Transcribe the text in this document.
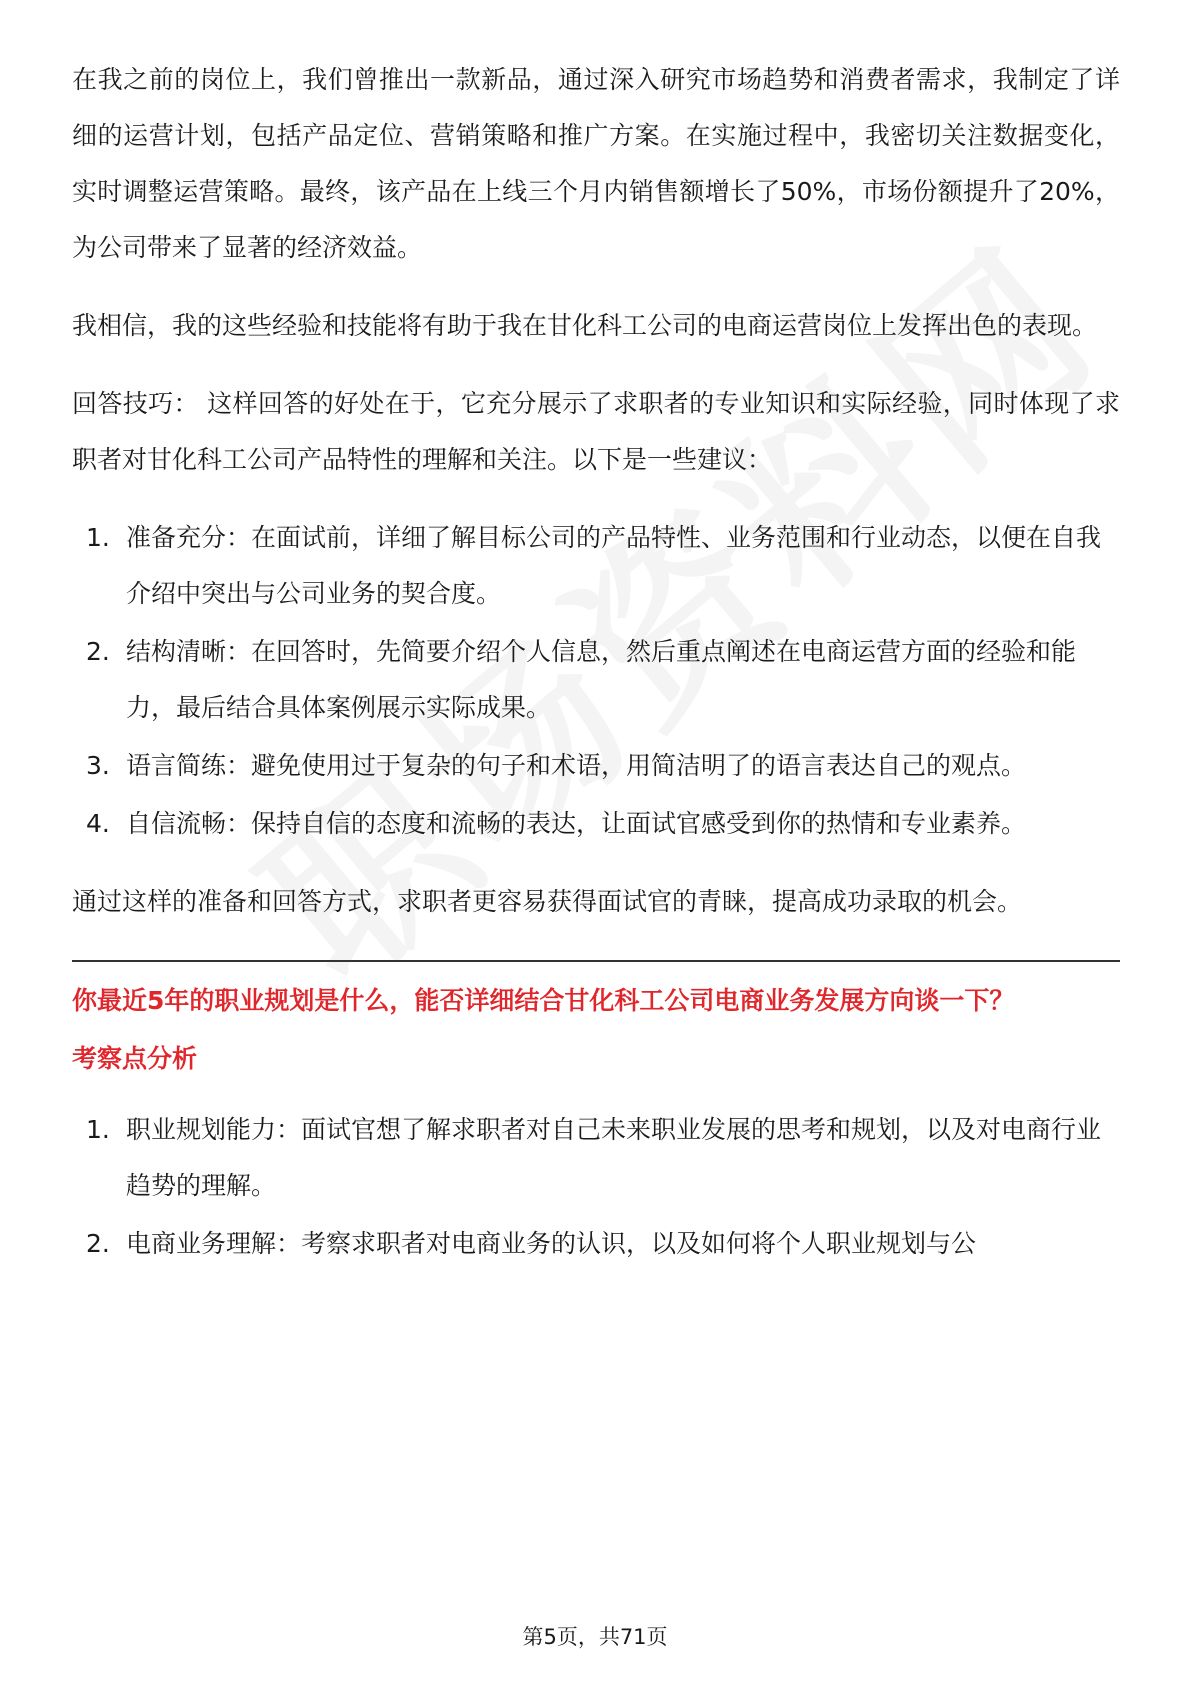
在我之前的岗位上，我们曾推出一款新品，通过深入研究市场趋势和消费者需求，我制定了详细的运营计划，包括产品定位、营销策略和推广方案。在实施过程中，我密切关注数据变化，实时调整运营策略。最终，该产品在上线三个月内销售额增长了50%，市场份额提升了20%，为公司带来了显著的经济效益。

我相信，我的这些经验和技能将有助于我在甘化科工公司的电商运营岗位上发挥出色的表现。

回答技巧： 这样回答的好处在于，它充分展示了求职者的专业知识和实际经验，同时体现了求职者对甘化科工公司产品特性的理解和关注。以下是一些建议：

1. 准备充分：在面试前，详细了解目标公司的产品特性、业务范围和行业动态，以便在自我介绍中突出与公司业务的契合度。
2. 结构清晰：在回答时，先简要介绍个人信息，然后重点阐述在电商运营方面的经验和能力，最后结合具体案例展示实际成果。
3. 语言简练：避免使用过于复杂的句子和术语，用简洁明了的语言表达自己的观点。
4. 自信流畅：保持自信的态度和流畅的表达，让面试官感受到你的热情和专业素养。

通过这样的准备和回答方式，求职者更容易获得面试官的青睐，提高成功录取的机会。

你最近5年的职业规划是什么，能否详细结合甘化科工公司电商业务发展方向谈一下？
考察点分析
1. 职业规划能力：面试官想了解求职者对自己未来职业发展的思考和规划，以及对电商行业趋势的理解。
2. 电商业务理解：考察求职者对电商业务的认识，以及如何将个人职业规划与公
第5页，共71页
